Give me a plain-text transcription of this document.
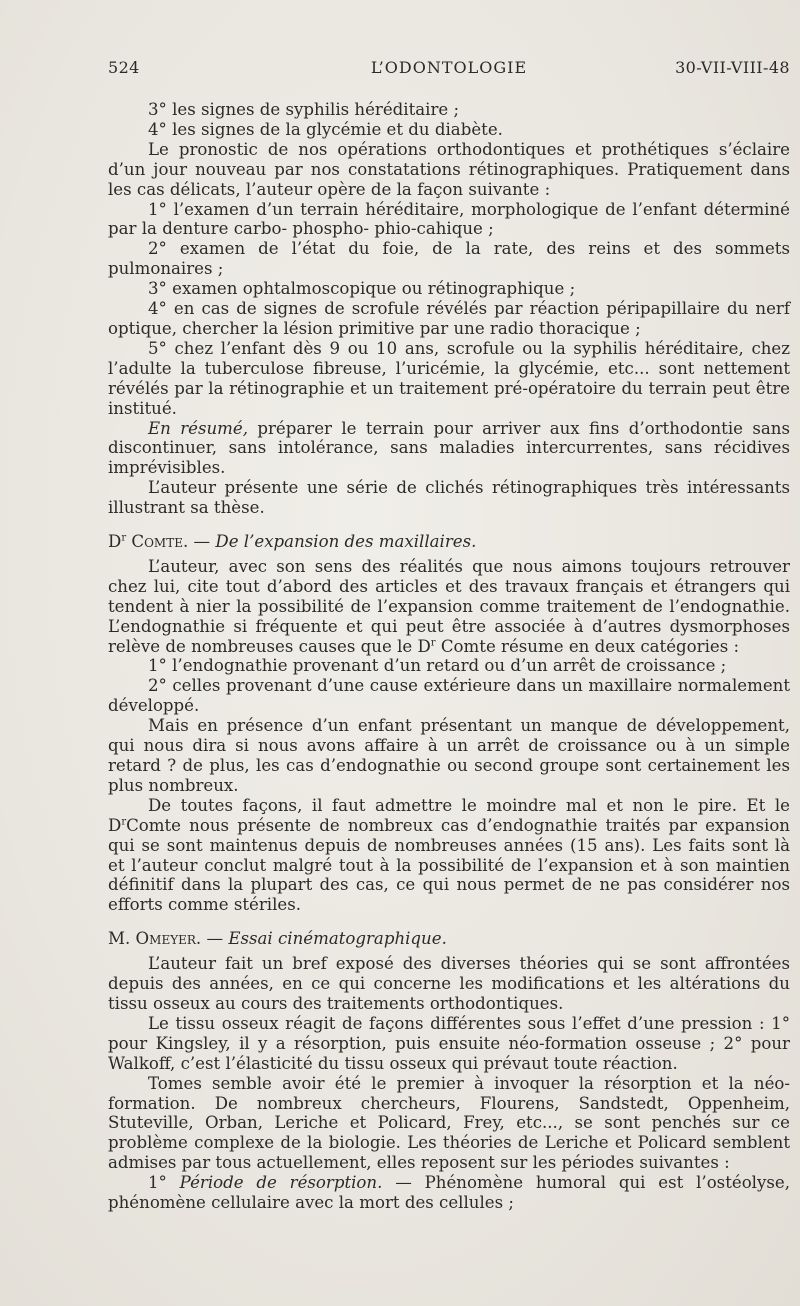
524	L’ODONTOLOGIE	30-VII-VIII-48

3° les signes de syphilis héréditaire ;

4° les signes de la glycémie et du diabète.

Le pronostic de nos opérations orthodontiques et prothétiques s’éclaire d’un jour nouveau par nos constatations rétinographiques. Pratiquement dans les cas délicats, l’auteur opère de la façon suivante :

1° l’examen d’un terrain héréditaire, morphologique de l’enfant déterminé par la denture carbo- phospho- phio-cahique ;

2° examen de l’état du foie, de la rate, des reins et des sommets pulmonaires ;

3° examen ophtalmoscopique ou rétinographique ;

4° en cas de signes de scrofule révélés par réaction péripapillaire du nerf optique, chercher la lésion primitive par une radio thoracique ;

5° chez l’enfant dès 9 ou 10 ans, scrofule ou la syphilis héréditaire, chez l’adulte la tuberculose fibreuse, l’uricémie, la glycémie, etc... sont nettement révélés par la rétinographie et un traitement pré-opératoire du terrain peut être institué.

En résumé, préparer le terrain pour arriver aux fins d’orthodontie sans discontinuer, sans intolérance, sans maladies intercurrentes, sans récidives imprévisibles.

L’auteur présente une série de clichés rétinographiques très intéressants illustrant sa thèse.

$D^r$ Comte. — De l’expansion des maxillaires.

L’auteur, avec son sens des réalités que nous aimons toujours retrouver chez lui, cite tout d’abord des articles et des travaux français et étrangers qui tendent à nier la possibilité de l’expansion comme traitement de l’endognathie. L’endognathie si fréquente et qui peut être associée à d’autres dysmorphoses relève de nombreuses causes que le $D^r$ Comte résume en deux catégories :

1° l’endognathie provenant d’un retard ou d’un arrêt de croissance ;

2° celles provenant d’une cause extérieure dans un maxillaire normalement développé.

Mais en présence d’un enfant présentant un manque de développement, qui nous dira si nous avons affaire à un arrêt de croissance ou à un simple retard ? de plus, les cas d’endognathie ou second groupe sont certainement les plus nombreux.

De toutes façons, il faut admettre le moindre mal et non le pire. Et le $D^rComte$ nous présente de nombreux cas d’endognathie traités par expansion qui se sont maintenus depuis de nombreuses années (15 ans). Les faits sont là et l’auteur conclut malgré tout à la possibilité de l’expansion et à son maintien définitif dans la plupart des cas, ce qui nous permet de ne pas considérer nos efforts comme stériles.

M. Omeyer. — Essai cinématographique.

L’auteur fait un bref exposé des diverses théories qui se sont affrontées depuis des années, en ce qui concerne les modifications et les altérations du tissu osseux au cours des traitements orthodontiques.

Le tissu osseux réagit de façons différentes sous l’effet d’une pression : 1° pour Kingsley, il y a résorption, puis ensuite néo-formation osseuse ; 2° pour Walkoff, c’est l’élasticité du tissu osseux qui prévaut toute réaction.

Tomes semble avoir été le premier à invoquer la résorption et la néo-formation. De nombreux chercheurs, Flourens, Sandstedt, Oppenheim, Stuteville, Orban, Leriche et Policard, Frey, etc..., se sont penchés sur ce problème complexe de la biologie. Les théories de Leriche et Policard semblent admises par tous actuellement, elles reposent sur les périodes suivantes :

1° Période de résorption. — Phénomène humoral qui est l’ostéolyse, phénomène cellulaire avec la mort des cellules ;
